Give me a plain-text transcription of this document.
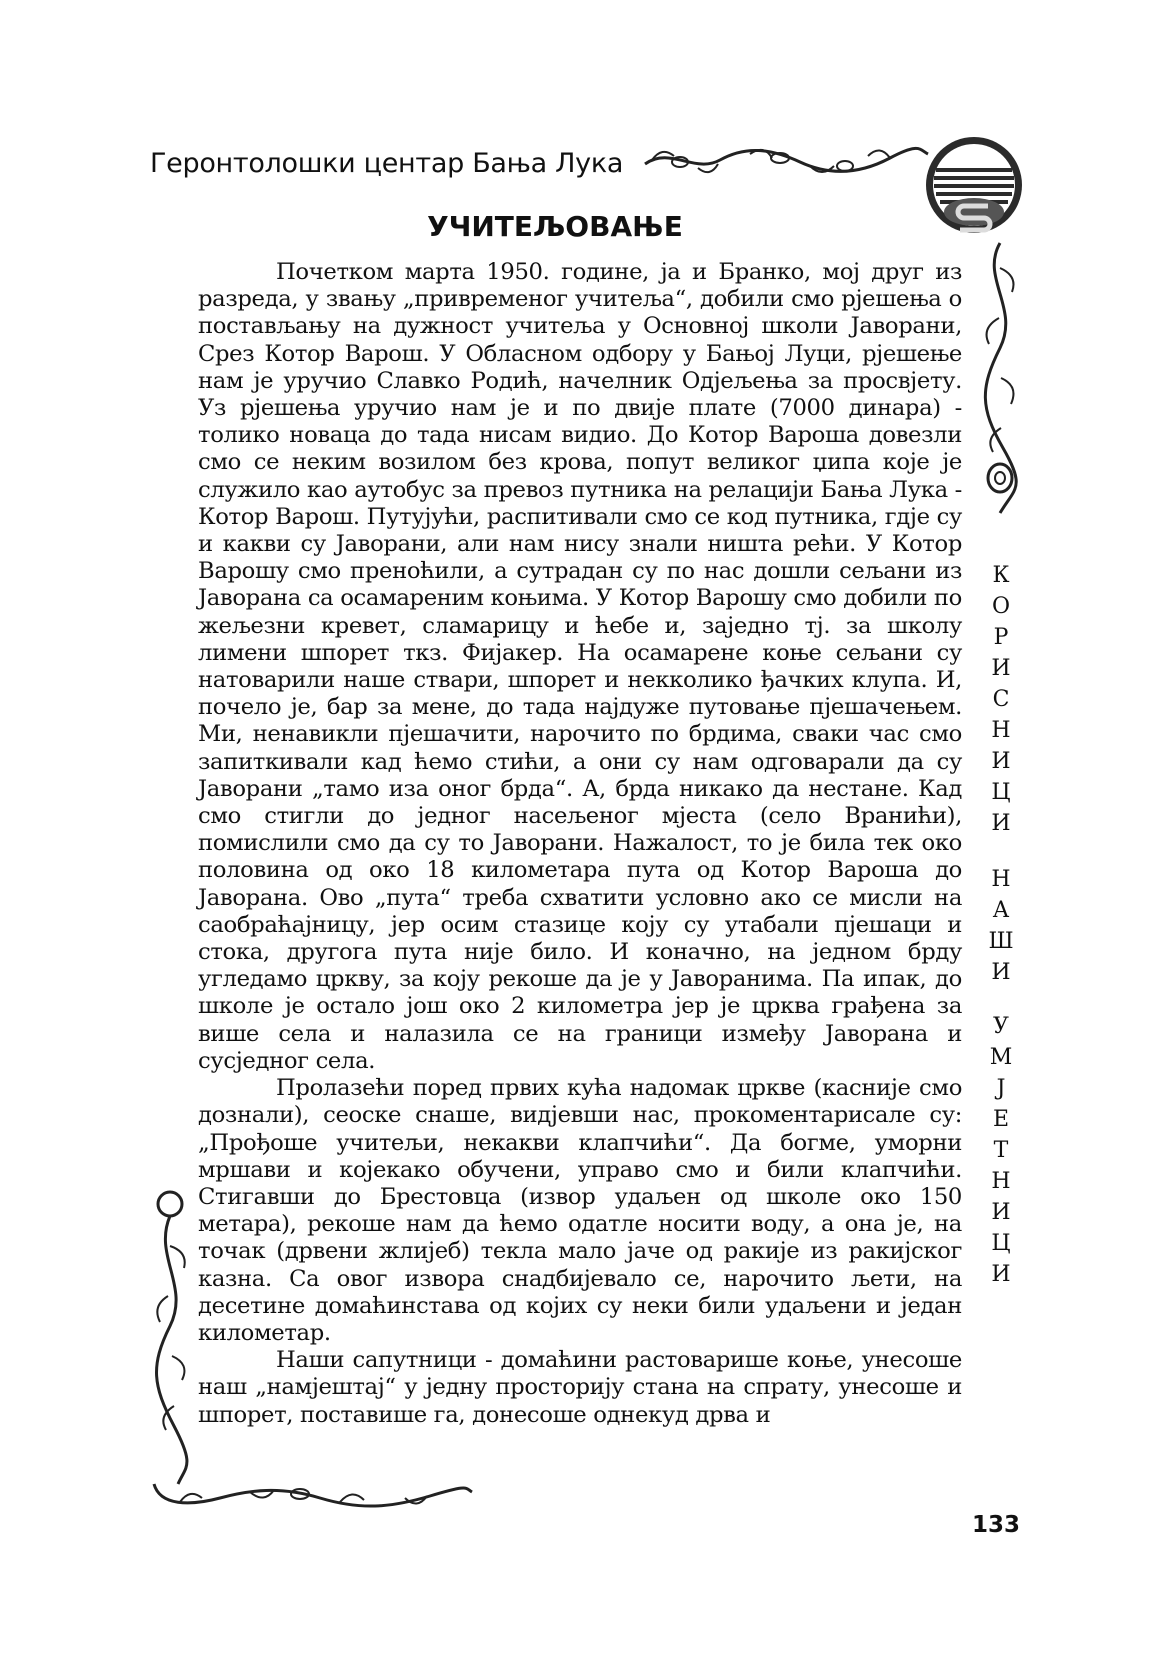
Геронтолошки центар Бања Лука
УЧИТЕЉОВАЊЕ

Почетком марта 1950. године, ја и Бранко, мој друг из разреда, у звању „привременог учитеља“, добили смо рјешења о постављању на дужност учитеља у Основној школи Јаворани, Срез Котор Варош. У Обласном одбору у Бањој Луци, рјешење нам је уручио Славко Родић, начелник Одјељења за просвјету. Уз рјешења уручио нам је и по двије плате (7000 динара) - толико новаца до тада нисам видио. До Котор Вароша довезли смо се неким возилом без крова, попут великог џипа које је служило као аутобус за превоз путника на релацији Бања Лука - Котор Варош. Путујући, распитивали смо се код путника, гдје су и какви су Јаворани, али нам нису знали ништа рећи. У Котор Варошу смо преноћили, а сутрадан су по нас дошли сељани из Јаворана са осамареним коњима. У Котор Варошу смо добили по жељезни кревет, сламарицу и ћебе и, заједно тј. за школу лимени шпорет ткз. Фијакер. На осамарене коње сељани су натоварили наше ствари, шпорет и некколико ђачких клупа. И, почело је, бар за мене, до тада најдуже путовање пјешачењем. Ми, ненавикли пјешачити, нарочито по брдима, сваки час смо запиткивали кад ћемо стићи, а они су нам одговарали да су Јаворани „тамо иза оног брда“. А, брда никако да нестане. Кад смо стигли до једног насељеног мјеста (село Вранићи), помислили смо да су то Јаворани. Нажалост, то је била тек око половина од око 18 километара пута од Котор Вароша до Јаворана. Ово „пута“ треба схватити условно ако се мисли на саобраћајницу, јер осим стазице коју су утабали пјешаци и стока, другога пута није било. И коначно, на једном брду угледамо цркву, за коју рекоше да је у Јаворанима. Па ипак, до школе је остало још око 2 километра јер је црква грађена за више села и налазила се на граници између Јаворана и сусједног села.

Пролазећи поред првих кућа надомак цркве (касније смо дознали), сеоске снаше, видјевши нас, прокоментарисале су: „Прођоше учитељи, некакви клапчићи“. Да богме, уморни мршави и којекако обучени, управо смо и били клапчићи. Стигавши до Брестовца (извор удаљен од школе око 150 метара), рекоше нам да ћемо одатле носити воду, а она је, на точак (дрвени жлијеб) текла мало јаче од ракије из ракијског казна. Са овог извора снадбијевало се, нарочито љети, на десетине домаћинстава од којих су неки били удаљени и један километар.

Наши сапутници - домаћини растоварише коње, унесоше наш „намјештај“ у једну просторију стана на спрату, унесоше и шпорет, поставише га, донесоше однекуд дрва и

К
О
Р
И
С
Н
И
Ц
И
Н
А
Ш
И
У
М
Ј
Е
Т
Н
И
Ц
И
133
